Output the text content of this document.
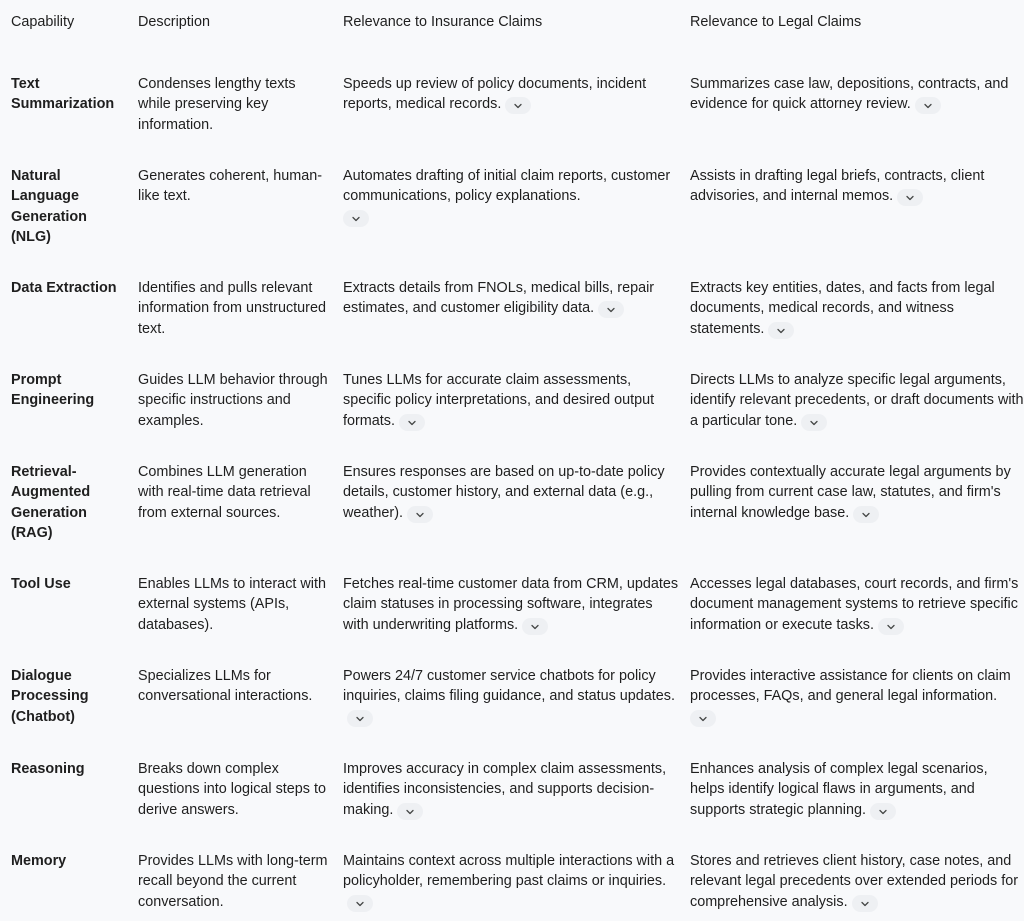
Capability	Description	Relevance to Insurance Claims	Relevance to Legal Claims
Text Summarization	Condenses lengthy texts while preserving key information.	Speeds up review of policy documents, incident reports, medical records.	Summarizes case law, depositions, contracts, and evidence for quick attorney review.
Natural Language Generation (NLG)	Generates coherent, human-like text.	Automates drafting of initial claim reports, customer communications, policy explanations.	Assists in drafting legal briefs, contracts, client advisories, and internal memos.
Data Extraction	Identifies and pulls relevant information from unstructured text.	Extracts details from FNOLs, medical bills, repair estimates, and customer eligibility data.	Extracts key entities, dates, and facts from legal documents, medical records, and witness statements.
Prompt Engineering	Guides LLM behavior through specific instructions and examples.	Tunes LLMs for accurate claim assessments, specific policy interpretations, and desired output formats.	Directs LLMs to analyze specific legal arguments, identify relevant precedents, or draft documents with a particular tone.
Retrieval-Augmented Generation (RAG)	Combines LLM generation with real-time data retrieval from external sources.	Ensures responses are based on up-to-date policy details, customer history, and external data (e.g., weather).	Provides contextually accurate legal arguments by pulling from current case law, statutes, and firm's internal knowledge base.
Tool Use	Enables LLMs to interact with external systems (APIs, databases).	Fetches real-time customer data from CRM, updates claim statuses in processing software, integrates with underwriting platforms.	Accesses legal databases, court records, and firm's document management systems to retrieve specific information or execute tasks.
Dialogue Processing (Chatbot)	Specializes LLMs for conversational interactions.	Powers 24/7 customer service chatbots for policy inquiries, claims filing guidance, and status updates.	Provides interactive assistance for clients on claim processes, FAQs, and general legal information.

Reasoning	Breaks down complex questions into logical steps to derive answers.	Improves accuracy in complex claim assessments, identifies inconsistencies, and supports decision-making.	Enhances analysis of complex legal scenarios, helps identify logical flaws in arguments, and supports strategic planning.
Memory	Provides LLMs with long-term recall beyond the current conversation.	Maintains context across multiple interactions with a policyholder, remembering past claims or inquiries.	Stores and retrieves client history, case notes, and relevant legal precedents over extended periods for comprehensive analysis.
